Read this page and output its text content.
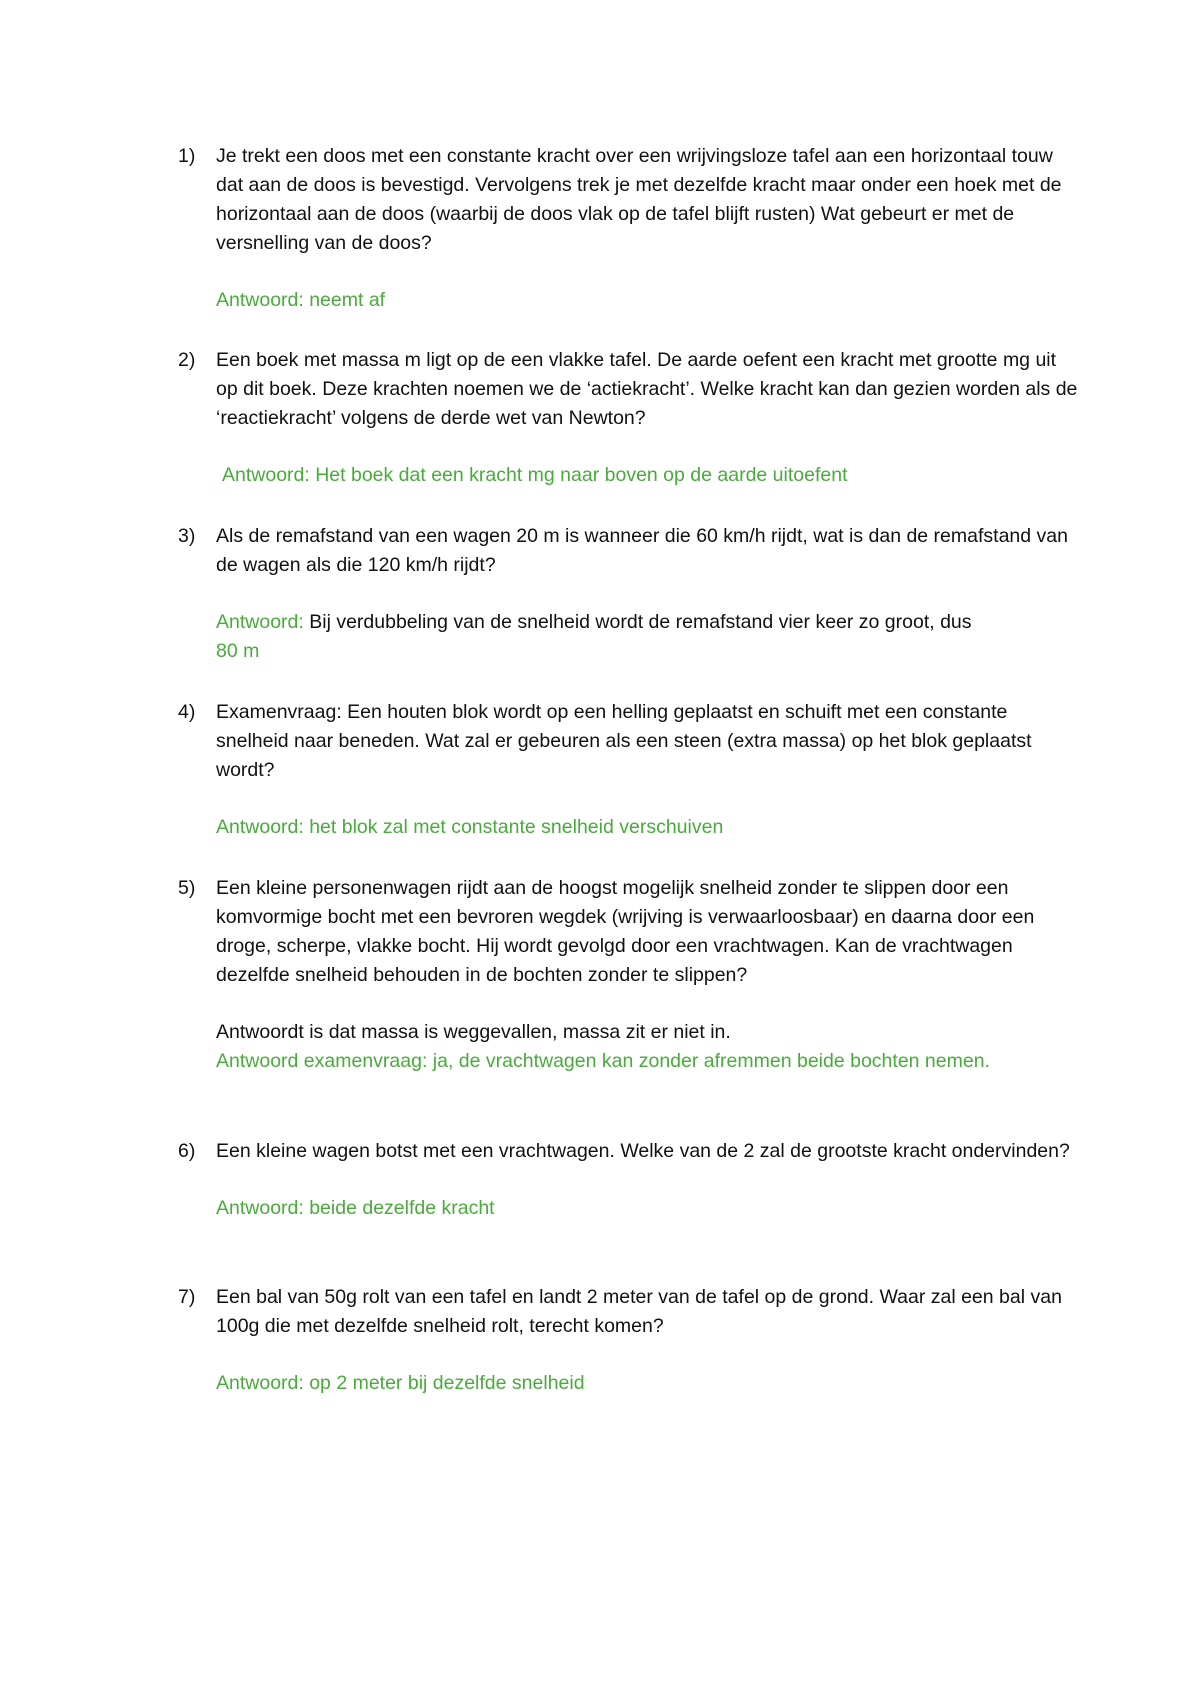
1)	Je trekt een doos met een constante kracht over een wrijvingsloze tafel aan een horizontaal touw dat aan de doos is bevestigd. Vervolgens trek je met dezelfde kracht maar onder een hoek met de horizontaal aan de doos (waarbij de doos vlak op de tafel blijft rusten) Wat gebeurt er met de versnelling van de doos?
Antwoord: neemt af
2)	Een boek met massa m ligt op de een vlakke tafel. De aarde oefent een kracht met grootte mg uit op dit boek. Deze krachten noemen we de ‘actiekracht’. Welke kracht kan dan gezien worden als de ‘reactiekracht’ volgens de derde wet van Newton?
Antwoord: Het boek dat een kracht mg naar boven op de aarde uitoefent
3)	Als de remafstand van een wagen 20 m is wanneer die 60 km/h rijdt, wat is dan de remafstand van de wagen als die 120 km/h rijdt?
Antwoord: Bij verdubbeling van de snelheid wordt de remafstand vier keer zo groot, dus
80 m
4)	Examenvraag: Een houten blok wordt op een helling geplaatst en schuift met een constante snelheid naar beneden. Wat zal er gebeuren als een steen (extra massa) op het blok geplaatst wordt?
Antwoord: het blok zal met constante snelheid verschuiven
5)	Een kleine personenwagen rijdt aan de hoogst mogelijk snelheid zonder te slippen door een komvormige bocht met een bevroren wegdek (wrijving is verwaarloosbaar) en daarna door een droge, scherpe, vlakke bocht. Hij wordt gevolgd door een vrachtwagen. Kan de vrachtwagen dezelfde snelheid behouden in de bochten zonder te slippen?
Antwoordt is dat massa is weggevallen, massa zit er niet in.
Antwoord examenvraag: ja, de vrachtwagen kan zonder afremmen beide bochten nemen.
6)	Een kleine wagen botst met een vrachtwagen. Welke van de 2 zal de grootste kracht ondervinden?
Antwoord: beide dezelfde kracht
7)	Een bal van 50g rolt van een tafel en landt 2 meter van de tafel op de grond. Waar zal een bal van 100g die met dezelfde snelheid rolt, terecht komen?
Antwoord: op 2 meter bij dezelfde snelheid
